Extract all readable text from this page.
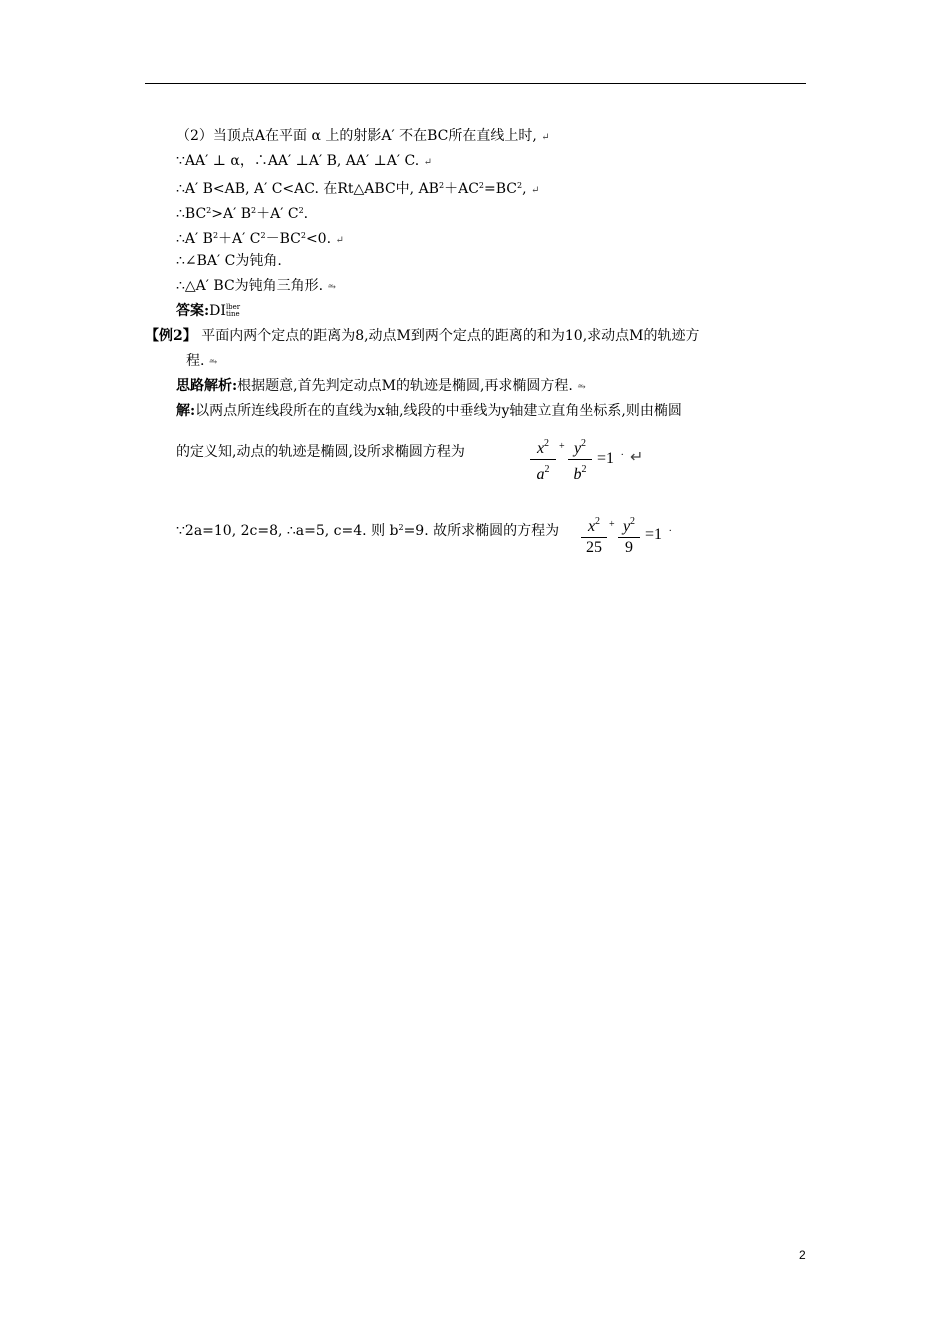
（2）当顶点A在平面 α 上的射影A′ 不在BC所在直线上时, ↵
∵AA′ ⊥ α，∴AA′ ⊥A′ B, AA′ ⊥A′ C. ↵
∴A′ B<AB, A′ C<AC. 在Rt△ABC中, $AB^2+AC^2=BC^2$, ↵
$\therefore BC^2>A'$ $B^2+A'$ $C^2$.
∴A′ $B^2+A'$ $C^2-BC^2<0$. ↵
∴∠BA′ C为钝角.
∴△A′ BC为钝角三角形. ⥲
答案:DIlber
tine
【例2】 平面内两个定点的距离为8,动点M到两个定点的距离的和为10,求动点M的轨迹方
程. ⥲
思路解析:根据题意,首先判定动点M的轨迹是椭圆,再求椭圆方程. ⥲
解:以两点所连线段所在的直线为x轴,线段的中垂线为y轴建立直角坐标系,则由椭圆
的定义知,动点的轨迹是椭圆,设所求椭圆方程为	$x^2$
$a^2$
+ $y^2$
$b^2$
=1 . ↵
∵2a=10, 2c=8, ∴a=5, c=4. 则 $b^2=9$. 故所求椭圆的方程为	$x^2$
25
+ $y^2$
9
=1 .
2
